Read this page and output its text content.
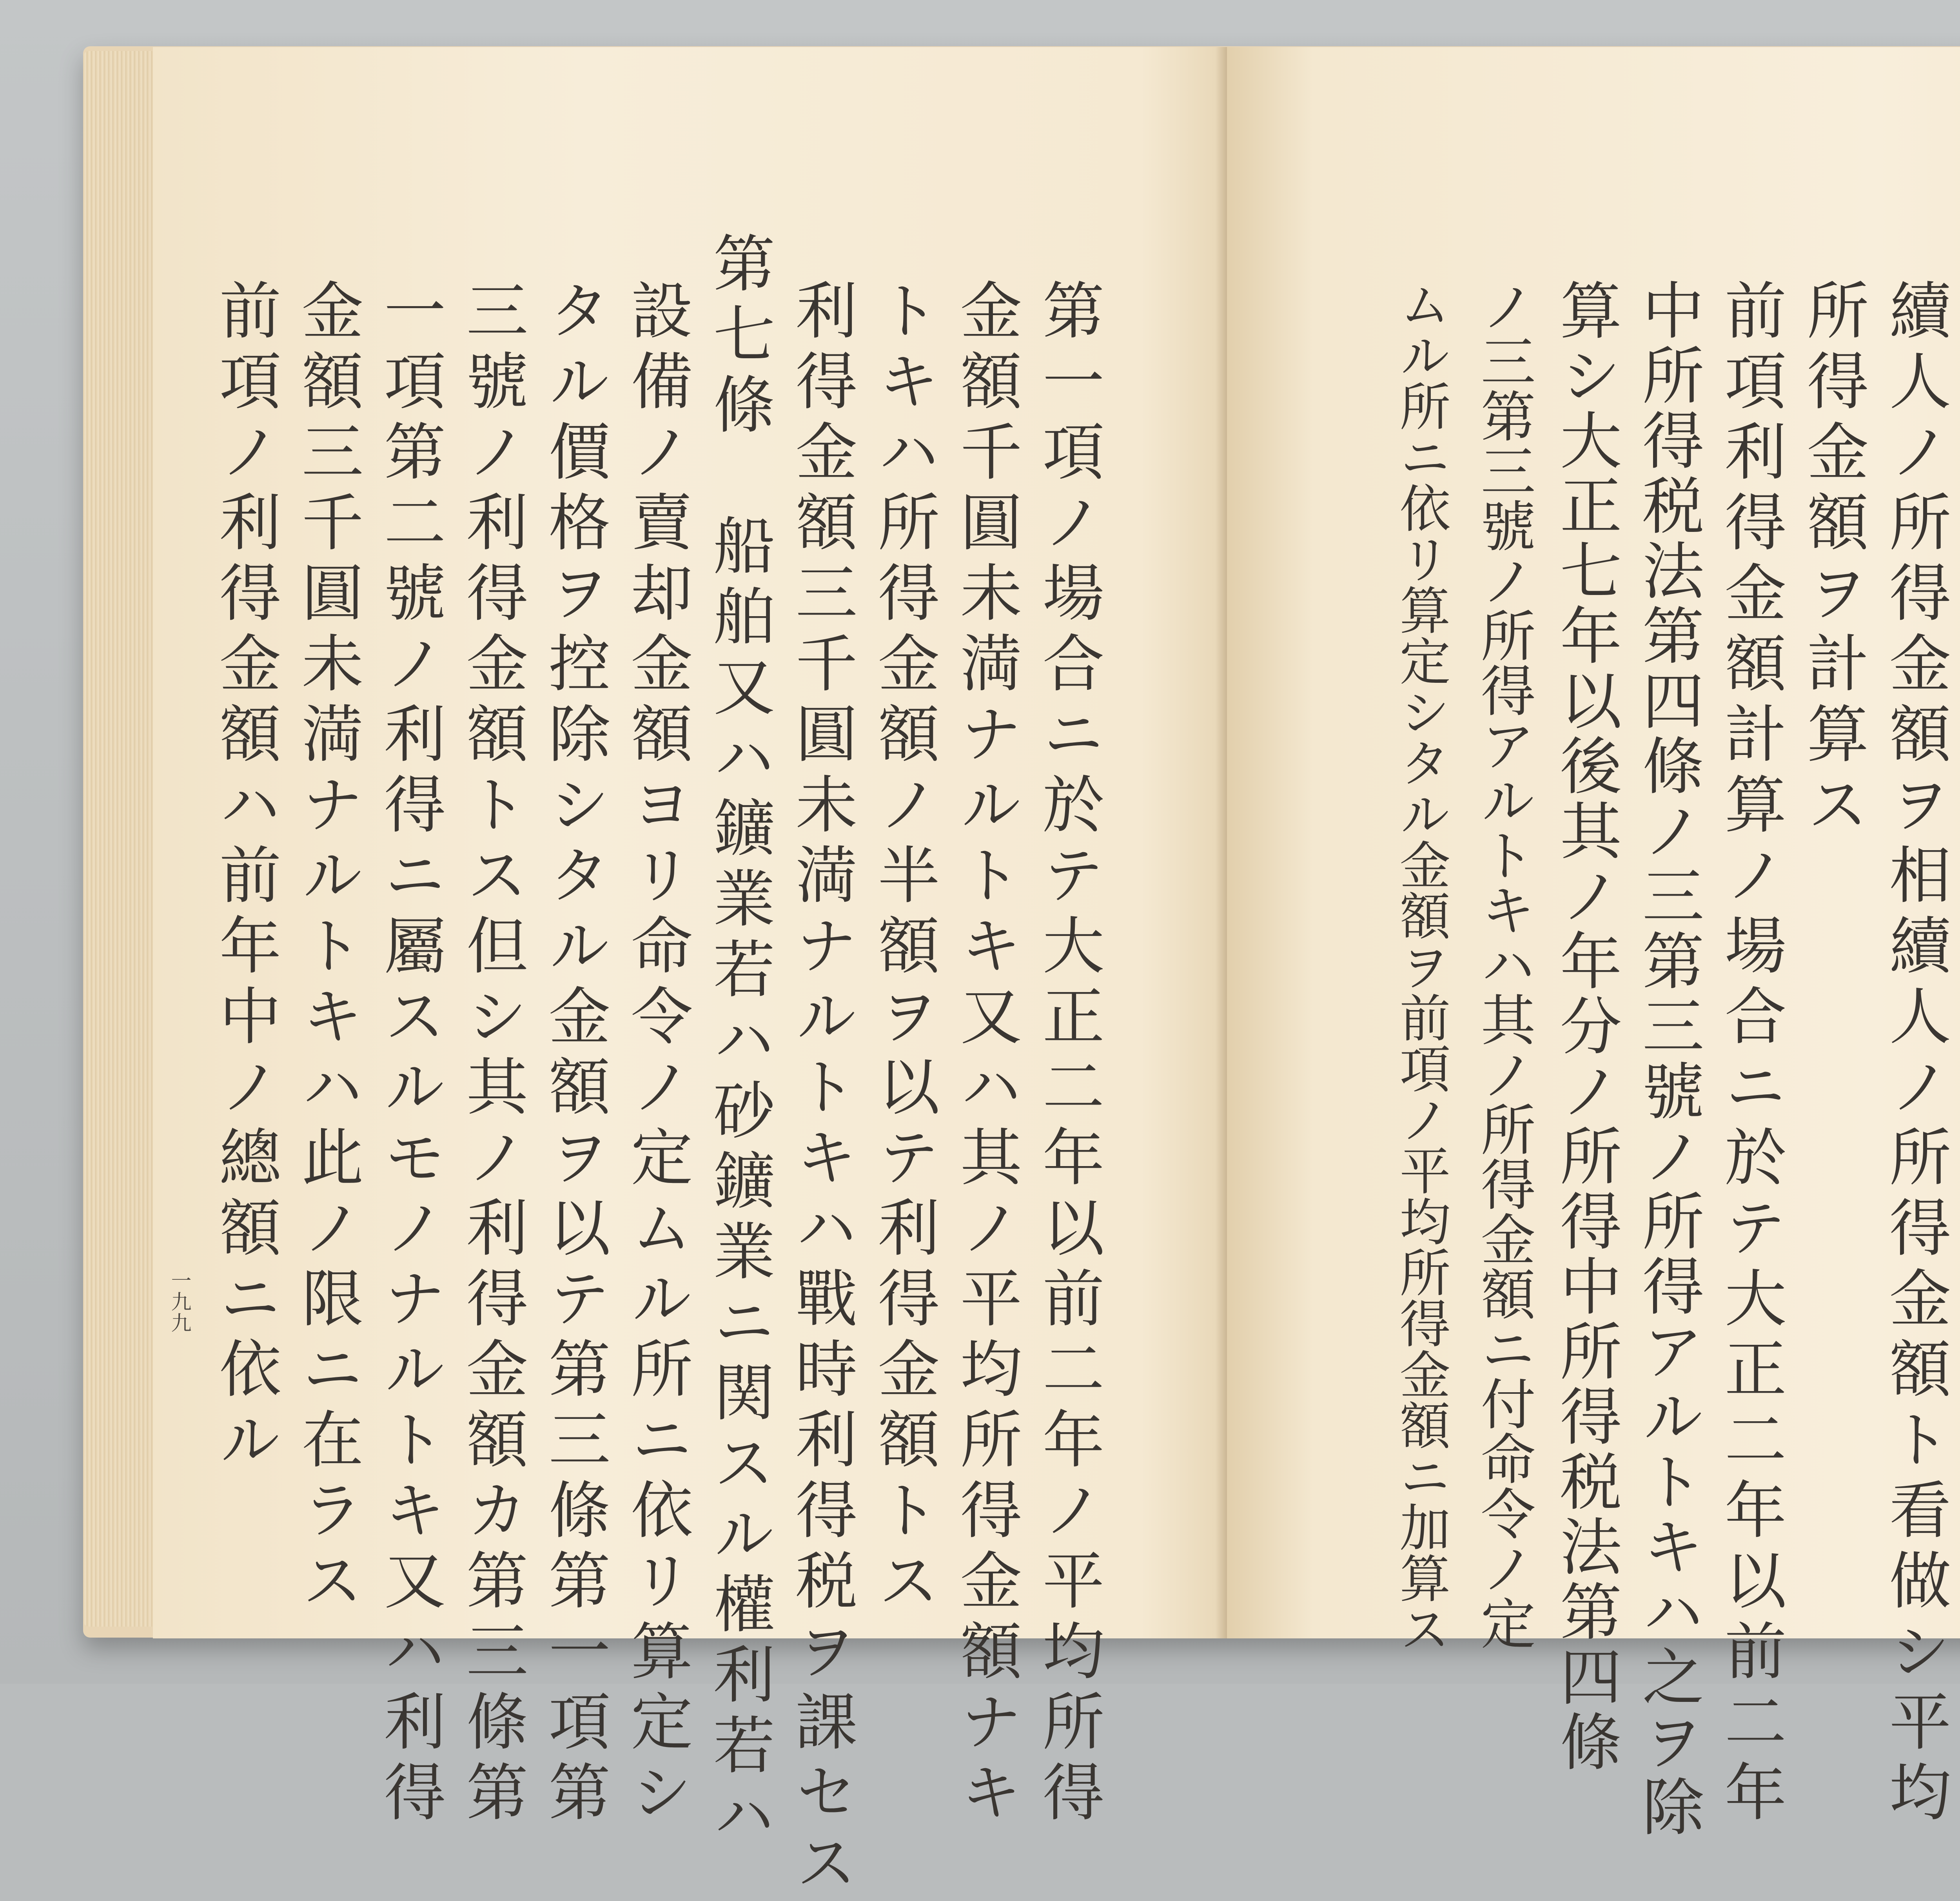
第一項ノ場合ニ於テ大正二年以前二年ノ平均所得
金額千圓未満ナルトキ又ハ其ノ平均所得金額ナキ
トキハ所得金額ノ半額ヲ以テ利得金額トス
利得金額三千圓未満ナルトキハ戰時利得税ヲ課セス
第七條　船舶又ハ鑛業若ハ砂鑛業ニ関スル權利若ハ
設備ノ賣却金額ヨリ命令ノ定ムル所ニ依リ算定シ
タル價格ヲ控除シタル金額ヲ以テ第三條第一項第
三號ノ利得金額トス但シ其ノ利得金額カ第三條第
一項第二號ノ利得ニ屬スルモノナルトキ又ハ利得
金額三千圓未満ナルトキハ此ノ限ニ在ラス
前項ノ利得金額ハ前年中ノ總額ニ依ル
一九九	續人ノ所得金額ヲ相續人ノ所得金額ト看做シ平均
所得金額ヲ計算ス
前項利得金額計算ノ場合ニ於テ大正二年以前二年
中所得税法第四條ノ三第三號ノ所得アルトキハ之ヲ除
算シ大正七年以後其ノ年分ノ所得中所得税法第四條
ノ三第三號ノ所得アルトキハ其ノ所得金額ニ付命令ノ定
ムル所ニ依リ算定シタル金額ヲ前項ノ平均所得金額ニ加算ス
